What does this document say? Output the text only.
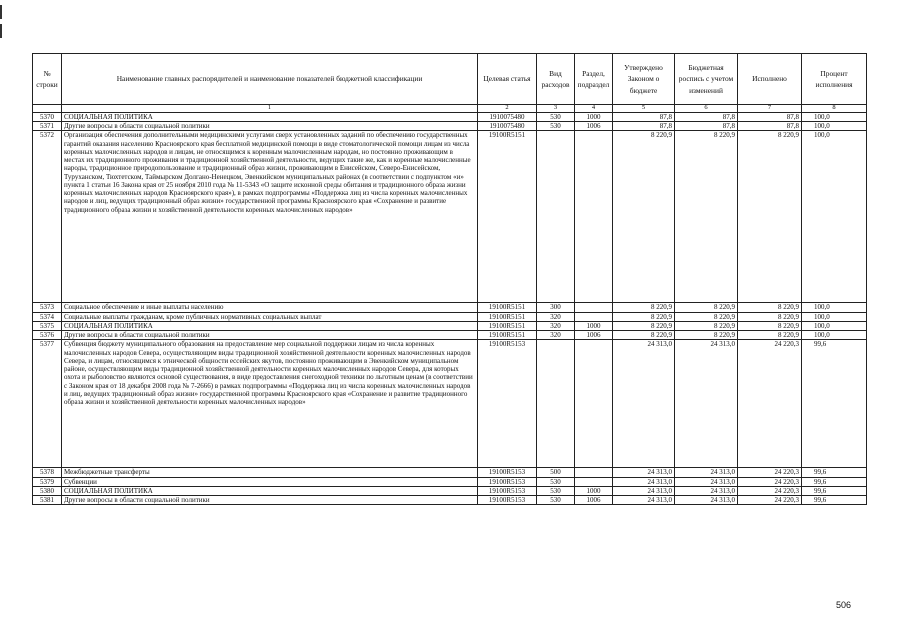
№ строки	Наименование главных распорядителей и наименование показателей бюджетной классификации	Целевая статья	Вид расходов	Раздел, подраздел	Утверждено Законом о бюджете	Бюджетная роспись с учетом изменений	Исполнено	Процент исполнения
	1	2	3	4	5	6	7	8
5370	СОЦИАЛЬНАЯ ПОЛИТИКА	1910075480	530	1000	87,8	87,8	87,8	100,0
5371	Другие вопросы в области социальной политики	1910075480	530	1006	87,8	87,8	87,8	100,0
5372	Организация обеспечения дополнительными медицинскими услугами сверх установленных заданий по обеспечению государственных гарантий оказания населению Красноярского края бесплатной медицинской помощи в виде стоматологической помощи лицам из числа коренных малочисленных народов и лицам, не относящимся к коренным малочисленным народам, но постоянно проживающим в местах их традиционного проживания и традиционной хозяйственной деятельности, ведущих такие же, как и коренные малочисленные народы, традиционное природопользование и традиционный образ жизни, проживающим в Енисейском, Северо-Енисейском, Туруханском, Тюхтетском, Таймырском Долгано-Ненецком, Эвенкийском муниципальных районах (в соответствии с подпунктом «и» пункта 1 статьи 16 Закона края от 25 ноября 2010 года № 11-5343 «О защите исконной среды обитания и традиционного образа жизни коренных малочисленных народов Красноярского края»), в рамках подпрограммы «Поддержка лиц из числа коренных малочисленных народов и лиц, ведущих традиционный образ жизни» государственной программы Красноярского края «Сохранение и развитие традиционного образа жизни и хозяйственной деятельности коренных малочисленных народов»	19100R5151			8 220,9	8 220,9	8 220,9	100,0
5373	Социальное обеспечение и иные выплаты населению	19100R5151	300		8 220,9	8 220,9	8 220,9	100,0
5374	Социальные выплаты гражданам, кроме публичных нормативных социальных выплат	19100R5151	320		8 220,9	8 220,9	8 220,9	100,0
5375	СОЦИАЛЬНАЯ ПОЛИТИКА	19100R5151	320	1000	8 220,9	8 220,9	8 220,9	100,0
5376	Другие вопросы в области социальной политики	19100R5151	320	1006	8 220,9	8 220,9	8 220,9	100,0
5377	Субвенция бюджету муниципального образования на предоставление мер социальной поддержки лицам из числа коренных малочисленных народов Севера, осуществляющим виды традиционной хозяйственной деятельности коренных малочисленных народов Севера, и лицам, относящимся к этнической общности ессейских якутов, постоянно проживающим в Эвенкийском муниципальном районе, осуществляющим виды традиционной хозяйственной деятельности коренных малочисленных народов Севера, для которых охота и рыболовство являются основой существования, в виде предоставления снегоходной техники по льготным ценам (в соответствии с Законом края от 18 декабря 2008 года № 7-2666) в рамках подпрограммы «Поддержка лиц из числа коренных малочисленных народов и лиц, ведущих традиционный образ жизни» государственной программы Красноярского края «Сохранение и развитие традиционного образа жизни и хозяйственной деятельности коренных малочисленных народов»	19100R5153			24 313,0	24 313,0	24 220,3	99,6
5378	Межбюджетные трансферты	19100R5153	500		24 313,0	24 313,0	24 220,3	99,6
5379	Субвенции	19100R5153	530		24 313,0	24 313,0	24 220,3	99,6
5380	СОЦИАЛЬНАЯ ПОЛИТИКА	19100R5153	530	1000	24 313,0	24 313,0	24 220,3	99,6
5381	Другие вопросы в области социальной политики	19100R5153	530	1006	24 313,0	24 313,0	24 220,3	99,6
506
